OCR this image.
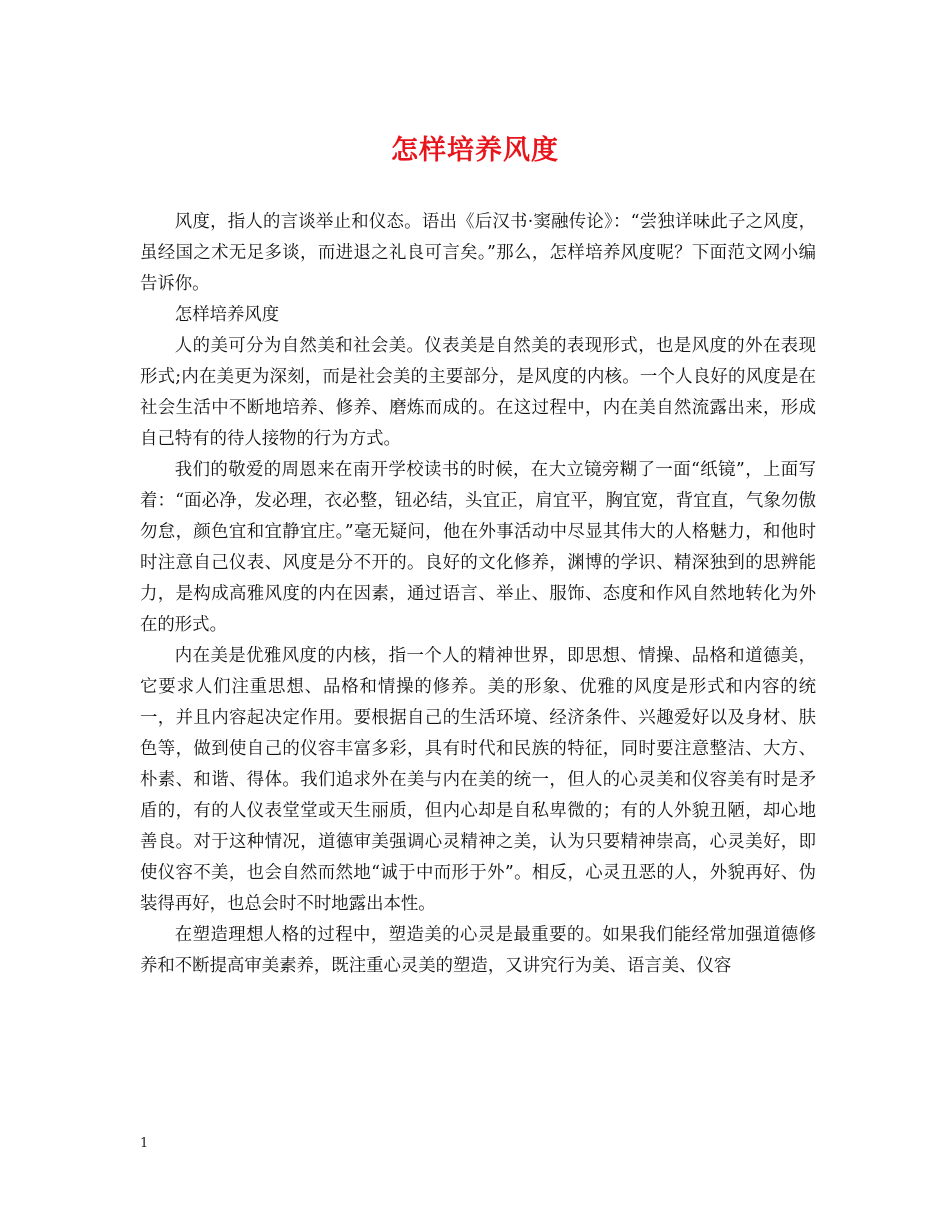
怎样培养风度

风度，指人的言谈举止和仪态。语出《后汉书·窦融传论》：“尝独详味此子之风度，虽经国之术无足多谈，而进退之礼良可言矣。”那么，怎样培养风度呢？下面范文网小编告诉你。

怎样培养风度

人的美可分为自然美和社会美。仪表美是自然美的表现形式，也是风度的外在表现形式;内在美更为深刻，而是社会美的主要部分，是风度的内核。一个人良好的风度是在社会生活中不断地培养、修养、磨炼而成的。在这过程中，内在美自然流露出来，形成自己特有的待人接物的行为方式。

我们的敬爱的周恩来在南开学校读书的时候，在大立镜旁糊了一面“纸镜”，上面写着：“面必净，发必理，衣必整，钮必结，头宜正，肩宜平，胸宜宽，背宜直，气象勿傲勿怠，颜色宜和宜静宜庄。”毫无疑问，他在外事活动中尽显其伟大的人格魅力，和他时时注意自己仪表、风度是分不开的。良好的文化修养，渊博的学识、精深独到的思辨能力，是构成高雅风度的内在因素，通过语言、举止、服饰、态度和作风自然地转化为外在的形式。

内在美是优雅风度的内核，指一个人的精神世界，即思想、情操、品格和道德美，它要求人们注重思想、品格和情操的修养。美的形象、优雅的风度是形式和内容的统一，并且内容起决定作用。要根据自己的生活环境、经济条件、兴趣爱好以及身材、肤色等，做到使自己的仪容丰富多彩，具有时代和民族的特征，同时要注意整洁、大方、朴素、和谐、得体。我们追求外在美与内在美的统一，但人的心灵美和仪容美有时是矛盾的，有的人仪表堂堂或天生丽质，但内心却是自私卑微的；有的人外貌丑陋，却心地善良。对于这种情况，道德审美强调心灵精神之美，认为只要精神崇高，心灵美好，即使仪容不美，也会自然而然地“诚于中而形于外”。相反，心灵丑恶的人，外貌再好、伪装得再好，也总会时不时地露出本性。

在塑造理想人格的过程中，塑造美的心灵是最重要的。如果我们能经常加强道德修养和不断提高审美素养，既注重心灵美的塑造，又讲究行为美、语言美、仪容

1
